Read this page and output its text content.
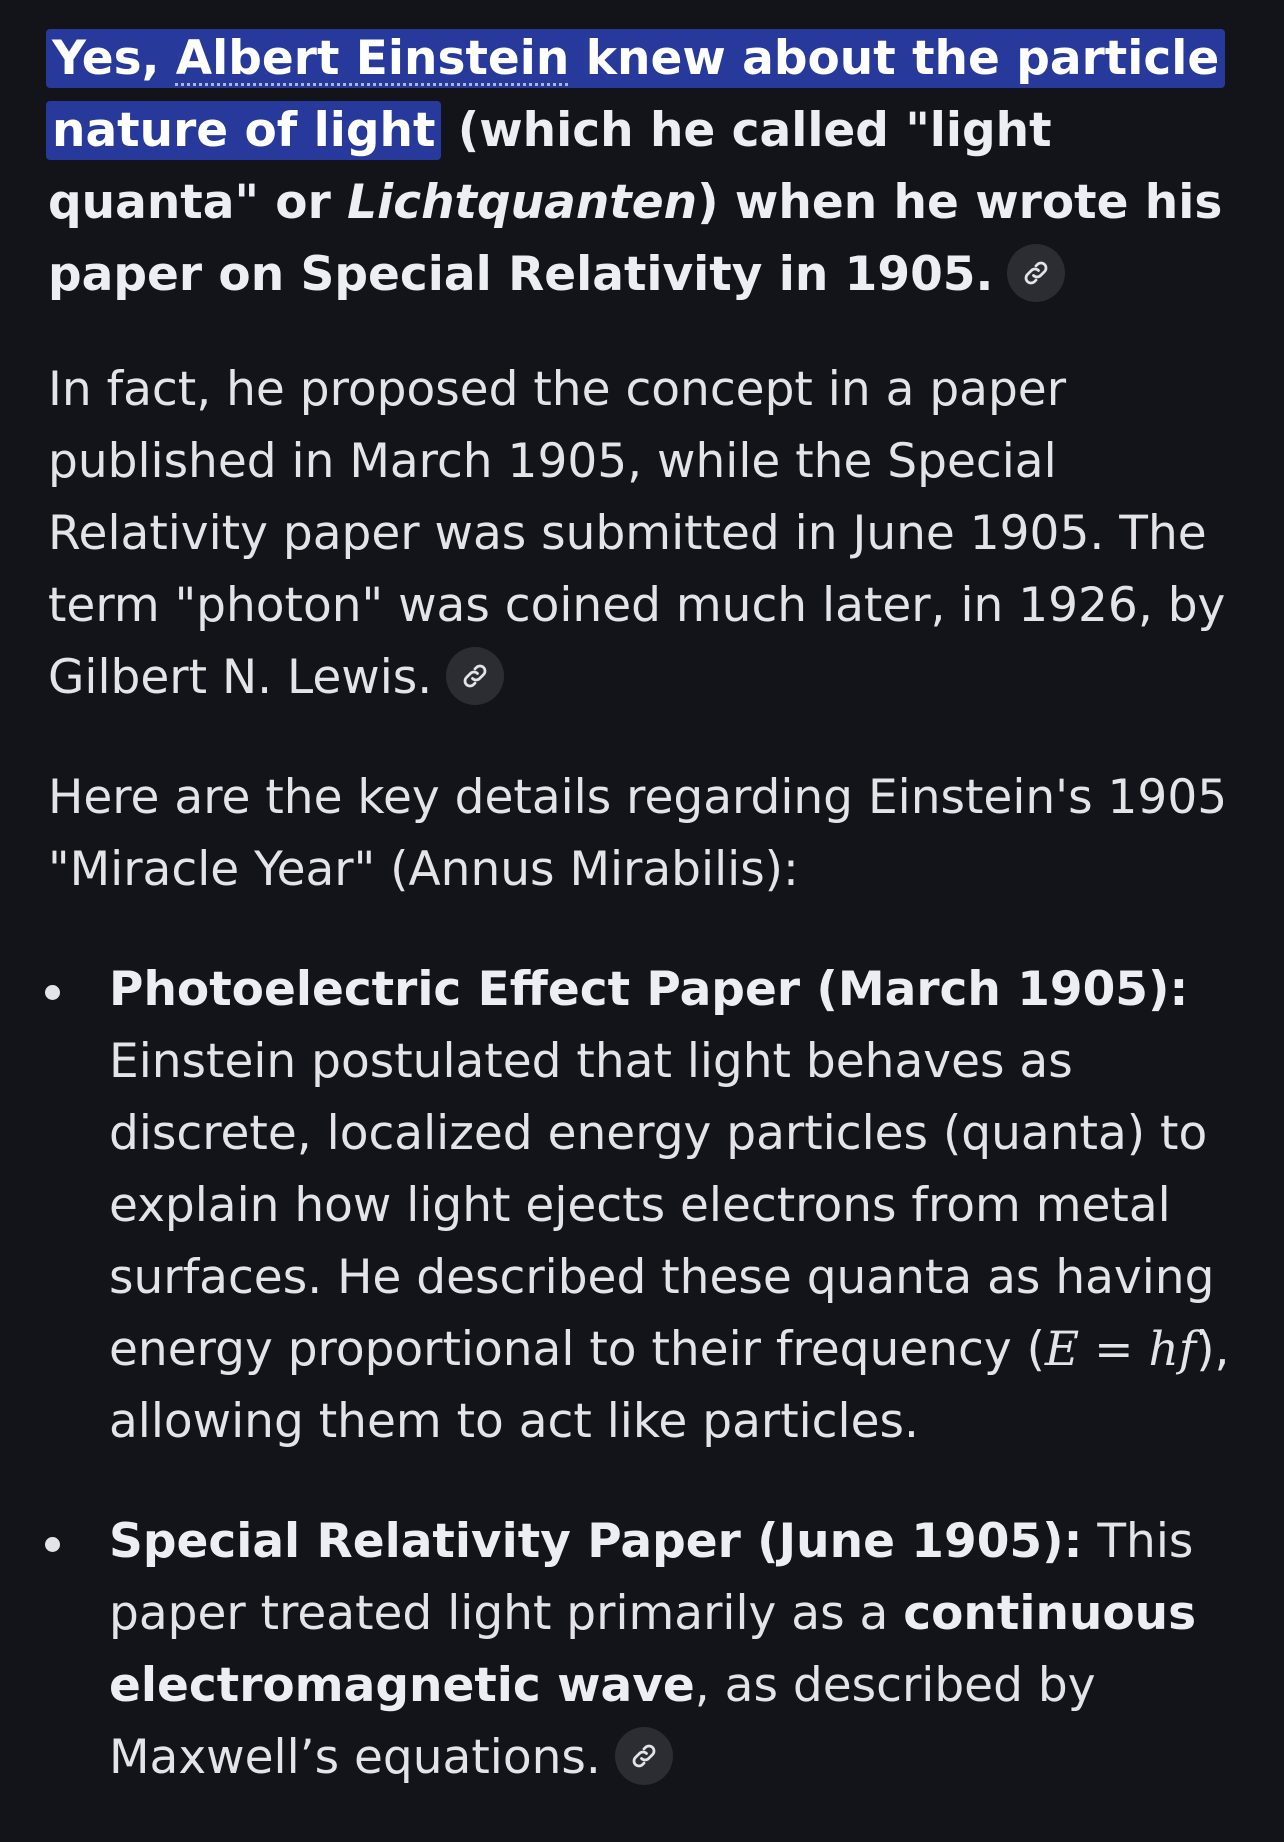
Yes, Albert Einstein knew about the particle nature of light (which he called "light quanta" or Lichtquanten) when he wrote his paper on Special Relativity in 1905.

In fact, he proposed the concept in a paper published in March 1905, while the Special Relativity paper was submitted in June 1905. The term "photon" was coined much later, in 1926, by Gilbert N. Lewis.

Here are the key details regarding Einstein's 1905 "Miracle Year" (Annus Mirabilis):

Photoelectric Effect Paper (March 1905): Einstein postulated that light behaves as discrete, localized energy particles (quanta) to explain how light ejects electrons from metal surfaces. He described these quanta as having energy proportional to their frequency (E = hf), allowing them to act like particles.
Special Relativity Paper (June 1905): This paper treated light primarily as a continuous electromagnetic wave, as described by Maxwell’s equations.
